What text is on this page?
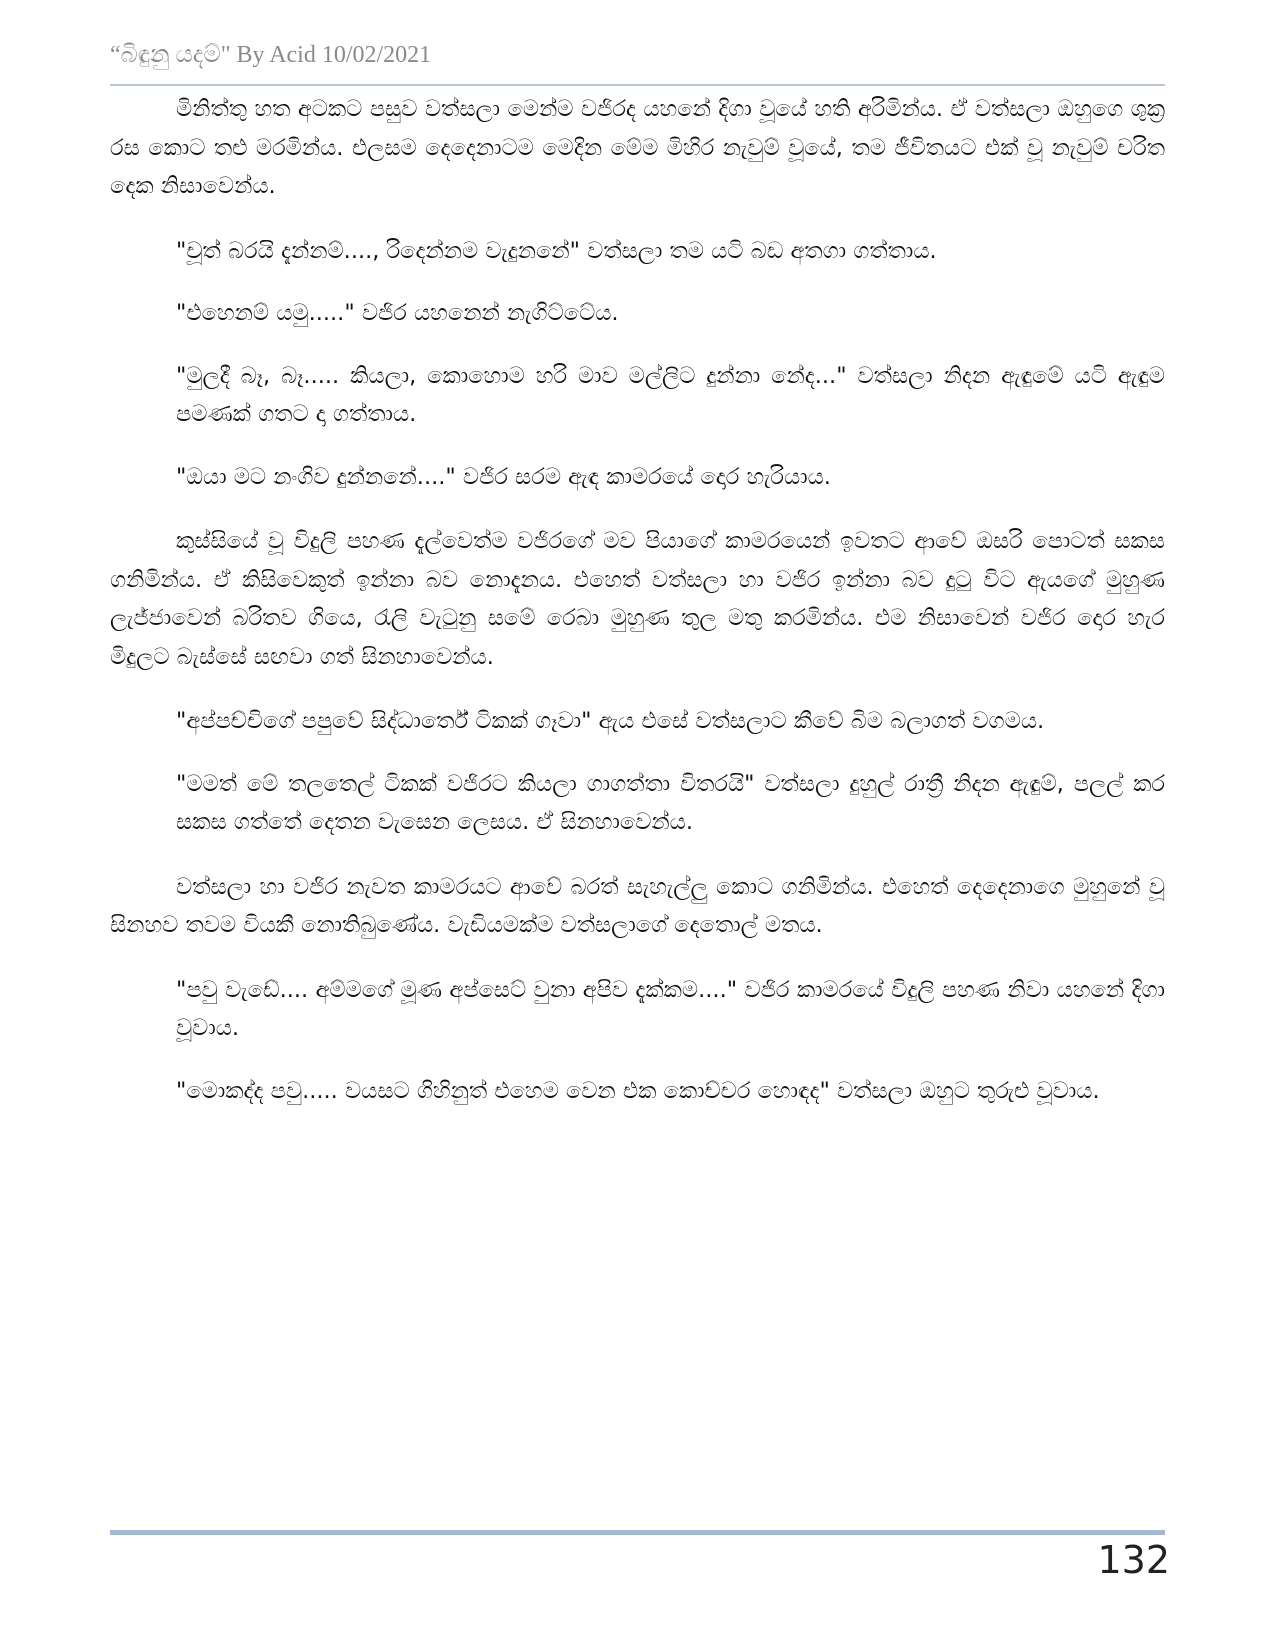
“බිඳුනු යදම්" By Acid 10/02/2021

මිනිත්තු හත අටකට පසුව වත්සලා මෙන්ම වජිරද යහනේ දිගා වූයේ හති අරිමින්ය. ඒ වත්සලා ඔහුගෙ ශුක්‍ර රස කොට තළු මරමින්ය. එලසම දෙදෙනාටම මෙදින මේම මිහිර නැවුම් වූයේ, තම ජීවිතයට එක් වූ නැවුම් චරිත දෙක නිසාවෙන්ය.

"චූත් බරයි දැන්නම්...., රිදෙන්නම වැදුනනේ" වත්සලා තම යටි බඩ අතගා ගත්තාය.

"එහෙනම් යමු....." වජිර යහනෙන් නැගිට්ටේය.

"මුලදී බෑ, බෑ..... කියලා, කොහොම හරි මාව මල්ලිට දුන්නා නේද..." වත්සලා නිදන ඇඳුමේ යටි ඇඳුම පමණක් ගතට දා ගත්තාය.

"ඔයා මට නංගිව දුන්නනේ...." වජිර සරම ඇඳ කාමරයේ දොර හැරියාය.

කුස්සියේ වූ විදුලි පහණ දැල්වෙත්ම වජිරගේ මව පියාගේ කාමරයෙන් ඉවතට ආවේ ඔසරි පොටත් සකස ගනිමින්ය. ඒ කිසිවෙකුත් ඉන්නා බව නොදැනය. එහෙත් වත්සලා හා වජිර ඉන්නා බව දුටු විට ඇයගේ මුහුණ ලැජ්ජාවෙන් බරිතව ගියෙ, රැලි වැටුනු සමේ රෙබා මුහුණ තුල මතු කරමින්ය. එම නිසාවෙන් වජිර දොර හැර මිදුලට බැස්සේ සඟවා ගත් සිනහාවෙන්ය.

"අප්පච්චිගේ පපුවේ සිද්ධාර්තේ ටිකක් ගෑවා" ඇය එසේ වත්සලාට කීවේ බිම බලාගත් වගමය.

"මමත් මේ තලතෙල් ටිකක් වජිරට කියලා ගාගත්තා විතරයි" වත්සලා දුහුල් රාත්‍රී නිදන ඇඳුම්, පලල් කර සකස ගත්තේ දෙතන වැසෙන ලෙසය. ඒ සිනහාවෙන්ය.

වත්සලා හා වජිර නැවත කාමරයට ආවේ බරත් සැහැල්ලු කොට ගනිමින්ය. එහෙත් දෙදෙනාගෙ මුහුනේ වූ සිනහව තවම වියකී නොතිබුණේය. වැඩියමක්ම වත්සලාගේ දෙතොල් මතය.

"පවු වැඩේ.... අම්මගේ මූණ අප්සෙට් වුනා අපිව දැක්කම...." වජිර කාමරයේ විදුලි පහණ නිවා යහනේ දිගා වූවාය.

"මොකද්ද පවු..... වයසට ගිහිනුත් එහෙම වෙන එක කොච්චර හොඳද" වත්සලා ඔහුට තුරුළු වූවාය.

132
